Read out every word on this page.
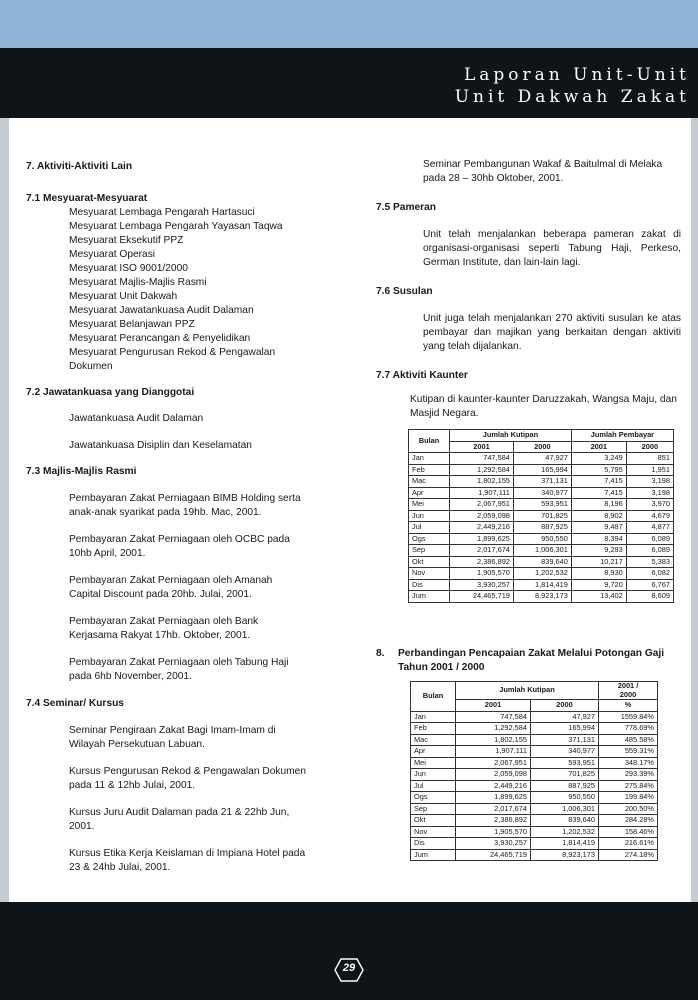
Laporan Unit-Unit
Unit Dakwah Zakat
7. Aktiviti-Aktiviti Lain
7.1 Mesyuarat-Mesyuarat
Mesyuarat Lembaga Pengarah Hartasuci
Mesyuarat Lembaga Pengarah Yayasan Taqwa
Mesyuarat Eksekutif PPZ
Mesyuarat Operasi
Mesyuarat ISO 9001/2000
Mesyuarat Majlis-Majlis Rasmi
Mesyuarat Unit Dakwah
Mesyuarat Jawatankuasa Audit Dalaman
Mesyuarat Belanjawan PPZ
Mesyuarat Perancangan & Penyelidikan
Mesyuarat Pengurusan Rekod & Pengawalan Dokumen
7.2 Jawatankuasa yang Dianggotai
Jawatankuasa Audit Dalaman
Jawatankuasa Disiplin dan Keselamatan
7.3 Majlis-Majlis Rasmi

Pembayaran Zakat Perniagaan BIMB Holding serta anak-anak syarikat pada 19hb. Mac, 2001.

Pembayaran Zakat Perniagaan oleh OCBC pada 10hb April, 2001.

Pembayaran Zakat Perniagaan oleh Amanah Capital Discount pada 20hb. Julai, 2001.

Pembayaran Zakat Perniagaan oleh Bank Kerjasama Rakyat 17hb. Oktober, 2001.

Pembayaran Zakat Perniagaan oleh Tabung Haji pada 6hb November, 2001.

7.4 Seminar/ Kursus

Seminar Pengiraan Zakat Bagi Imam-Imam di Wilayah Persekutuan Labuan.

Kursus Pengurusan Rekod & Pengawalan Dokumen pada 11 & 12hb Julai, 2001.

Kursus Juru Audit Dalaman pada 21 & 22hb Jun, 2001.

Kursus Etika Kerja Keislaman di Impiana Hotel pada 23 & 24hb Julai, 2001.

Seminar Pembangunan Wakaf & Baitulmal di Melaka pada 28 – 30hb Oktober, 2001.

7.5 Pameran

Unit telah menjalankan beberapa pameran zakat di organisasi-organisasi seperti Tabung Haji, Perkeso, German Institute, dan lain-lain lagi.

7.6 Susulan

Unit juga telah menjalankan 270 aktiviti susulan ke atas pembayar dan majikan yang berkaitan dengan aktiviti yang telah dijalankan.

7.7 Aktiviti Kaunter

Kutipan di kaunter-kaunter Daruzzakah, Wangsa Maju, dan Masjid Negara.

Bulan	Jumlah Kutipan		Jumlah Pembayar	
	2001	2000	2001	2000
Jan	747,584	47,927	3,249	851
Feb	1,292,584	165,994	5,795	1,951
Mac	1,802,155	371,131	7,415	3,198
Apr	1,907,111	340,977	7,415	3,198
Mei	2,067,951	593,951	8,196	3,970
Jun	2,059,098	701,825	8,902	4,679
Jul	2,449,216	887,925	9,487	4,877
Ogs	1,899,625	950,550	8,394	6,089
Sep	2,017,674	1,006,301	9,293	6,089
Okt	2,386,892	839,640	10,217	5,383
Nov	1,905,570	1,202,532	8,930	6,082
Dis	3,930,257	1,814,419	9,720	6,767
Jum	24,465,719	8,923,173	13,402	8,609
8. Perbandingan Pencapaian Zakat Melalui Potongan Gaji Tahun 2001 / 2000
Bulan	Jumlah Kutipan		2001 / 2000

	2001	2000	%
Jan	747,584	47,927	1559.84%
Feb	1,292,584	165,994	778.69%
Mac	1,802,155	371,131	485.58%
Apr	1,907,111	340,977	559.31%
Mei	2,067,951	593,951	348.17%
Jun	2,059,098	701,825	293.39%
Jul	2,449,216	887,925	275.84%
Ogs	1,899,625	950,550	199.84%
Sep	2,017,674	1,006,301	200.50%
Okt	2,386,892	839,640	284.28%
Nov	1,905,570	1,202,532	158.46%
Dis	3,930,257	1,814,419	216.61%
Jum	24,465,719	8,923,173	274.18%
29
